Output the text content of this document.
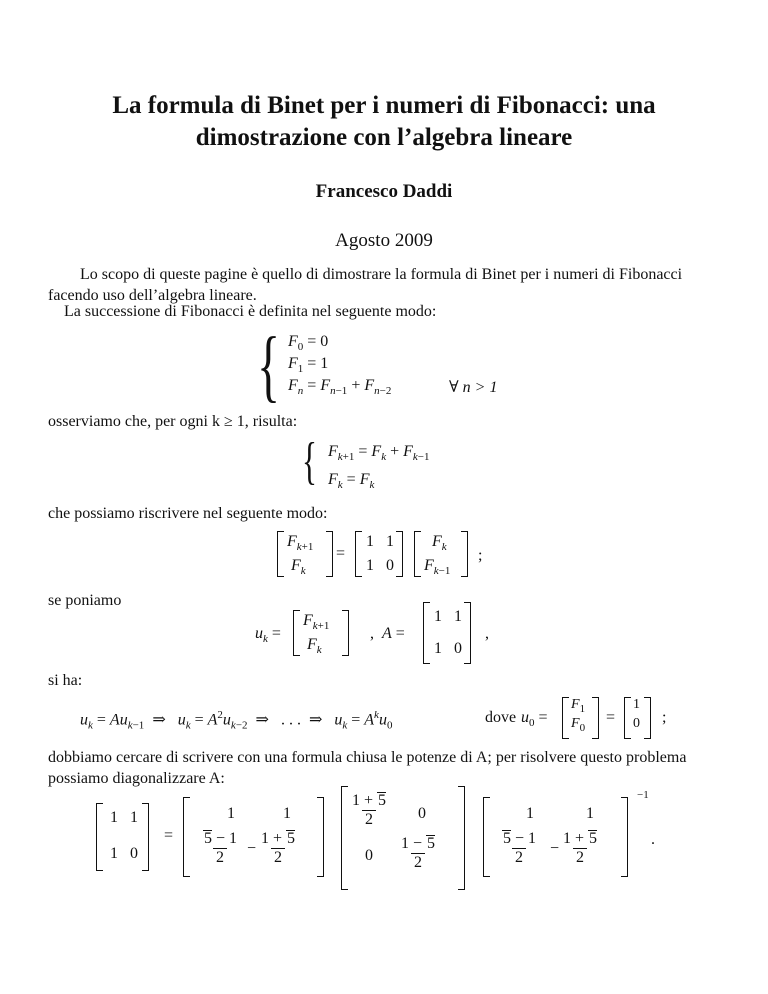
La formula di Binet per i numeri di Fibonacci: una
dimostrazione con l’algebra lineare
Francesco Daddi
Agosto 2009
Lo scopo di queste pagine è quello di dimostrare la formula di Binet per i numeri di Fibonacci
facendo uso dell’algebra lineare.
La successione di Fibonacci è definita nel seguente modo:
{ $F_0 = 0$
$F_1 = 1$
$F_n = F_{n-1} + F_{n-2}$	∀ n > 1
osserviamo che, per ogni k ≥ 1, risulta:
{ $F_{k+1} = F_k + F_{k-1}$
$F_k = F_k$
che possiamo riscrivere nel seguente modo:
$F_{k+1}$
$F_k$
=
1   1
1   0
$F_k$
$F_{k-1}$
;
se poniamo
$u_k$ =
$F_{k+1}$
$F_k$
,  A =
1   1
1   0
,
si ha:
$u_k = Au_{k-1}$ ⇒   $u_k = A^2u_{k-2}$ ⇒ . . . ⇒   $u_k = A^ku_0$	dove $u_0$ =
$F_1$
$F_0$
=
1
0 ;
dobbiamo cercare di scrivere con una formula chiusa le potenze di A; per risolvere questo problema
possiamo diagonalizzare A:
1   1
1   0
=
1	1
$\frac{5 - 1}{2} - \frac{1 + 5}{2}$
$\frac{1 + 5}{2} 0$
$0 \frac{1 - 5}{2}$
1	1
$\frac{5 - 1}{2} - \frac{1 + 5}{2}$
−1
.
